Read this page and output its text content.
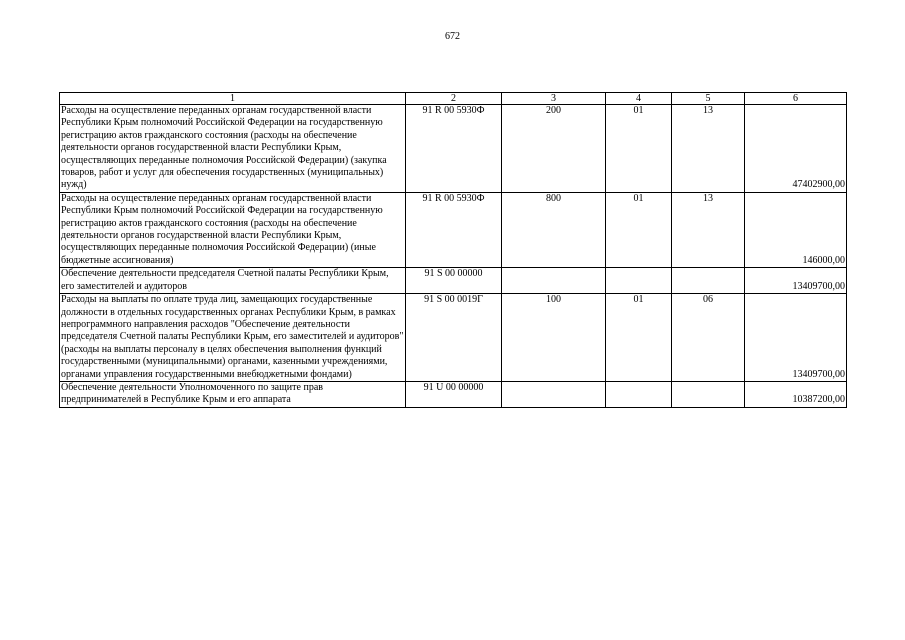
672
1	2	3	4	5	6
Расходы на осуществление переданных органам государственной власти Республики Крым полномочий Российской Федерации на государственную регистрацию актов гражданского состояния (расходы на обеспечение деятельности органов государственной власти Республики Крым, осуществляющих переданные полномочия Российской Федерации) (закупка товаров, работ и услуг для обеспечения государственных (муниципальных) нужд)	91 R 00 5930Ф	200	01	13	47402900,00
Расходы на осуществление переданных органам государственной власти Республики Крым полномочий Российской Федерации на государственную регистрацию актов гражданского состояния (расходы на обеспечение деятельности органов государственной власти Республики Крым, осуществляющих переданные полномочия Российской Федерации) (иные бюджетные ассигнования)	91 R 00 5930Ф	800	01	13	146000,00
Обеспечение деятельности председателя Счетной палаты Республики Крым, его заместителей и аудиторов	91 S 00 00000				13409700,00
Расходы на выплаты по оплате труда лиц, замещающих государственные должности в отдельных государственных органах Республики Крым, в рамках непрограммного направления расходов "Обеспечение деятельности председателя Счетной палаты Республики Крым, его заместителей и аудиторов" (расходы на выплаты персоналу в целях обеспечения выполнения функций государственными (муниципальными) органами, казенными учреждениями, органами управления государственными внебюджетными фондами)	91 S 00 0019Г	100	01	06	13409700,00
Обеспечение деятельности Уполномоченного по защите прав предпринимателей в Республике Крым и его аппарата	91 U 00 00000				10387200,00
